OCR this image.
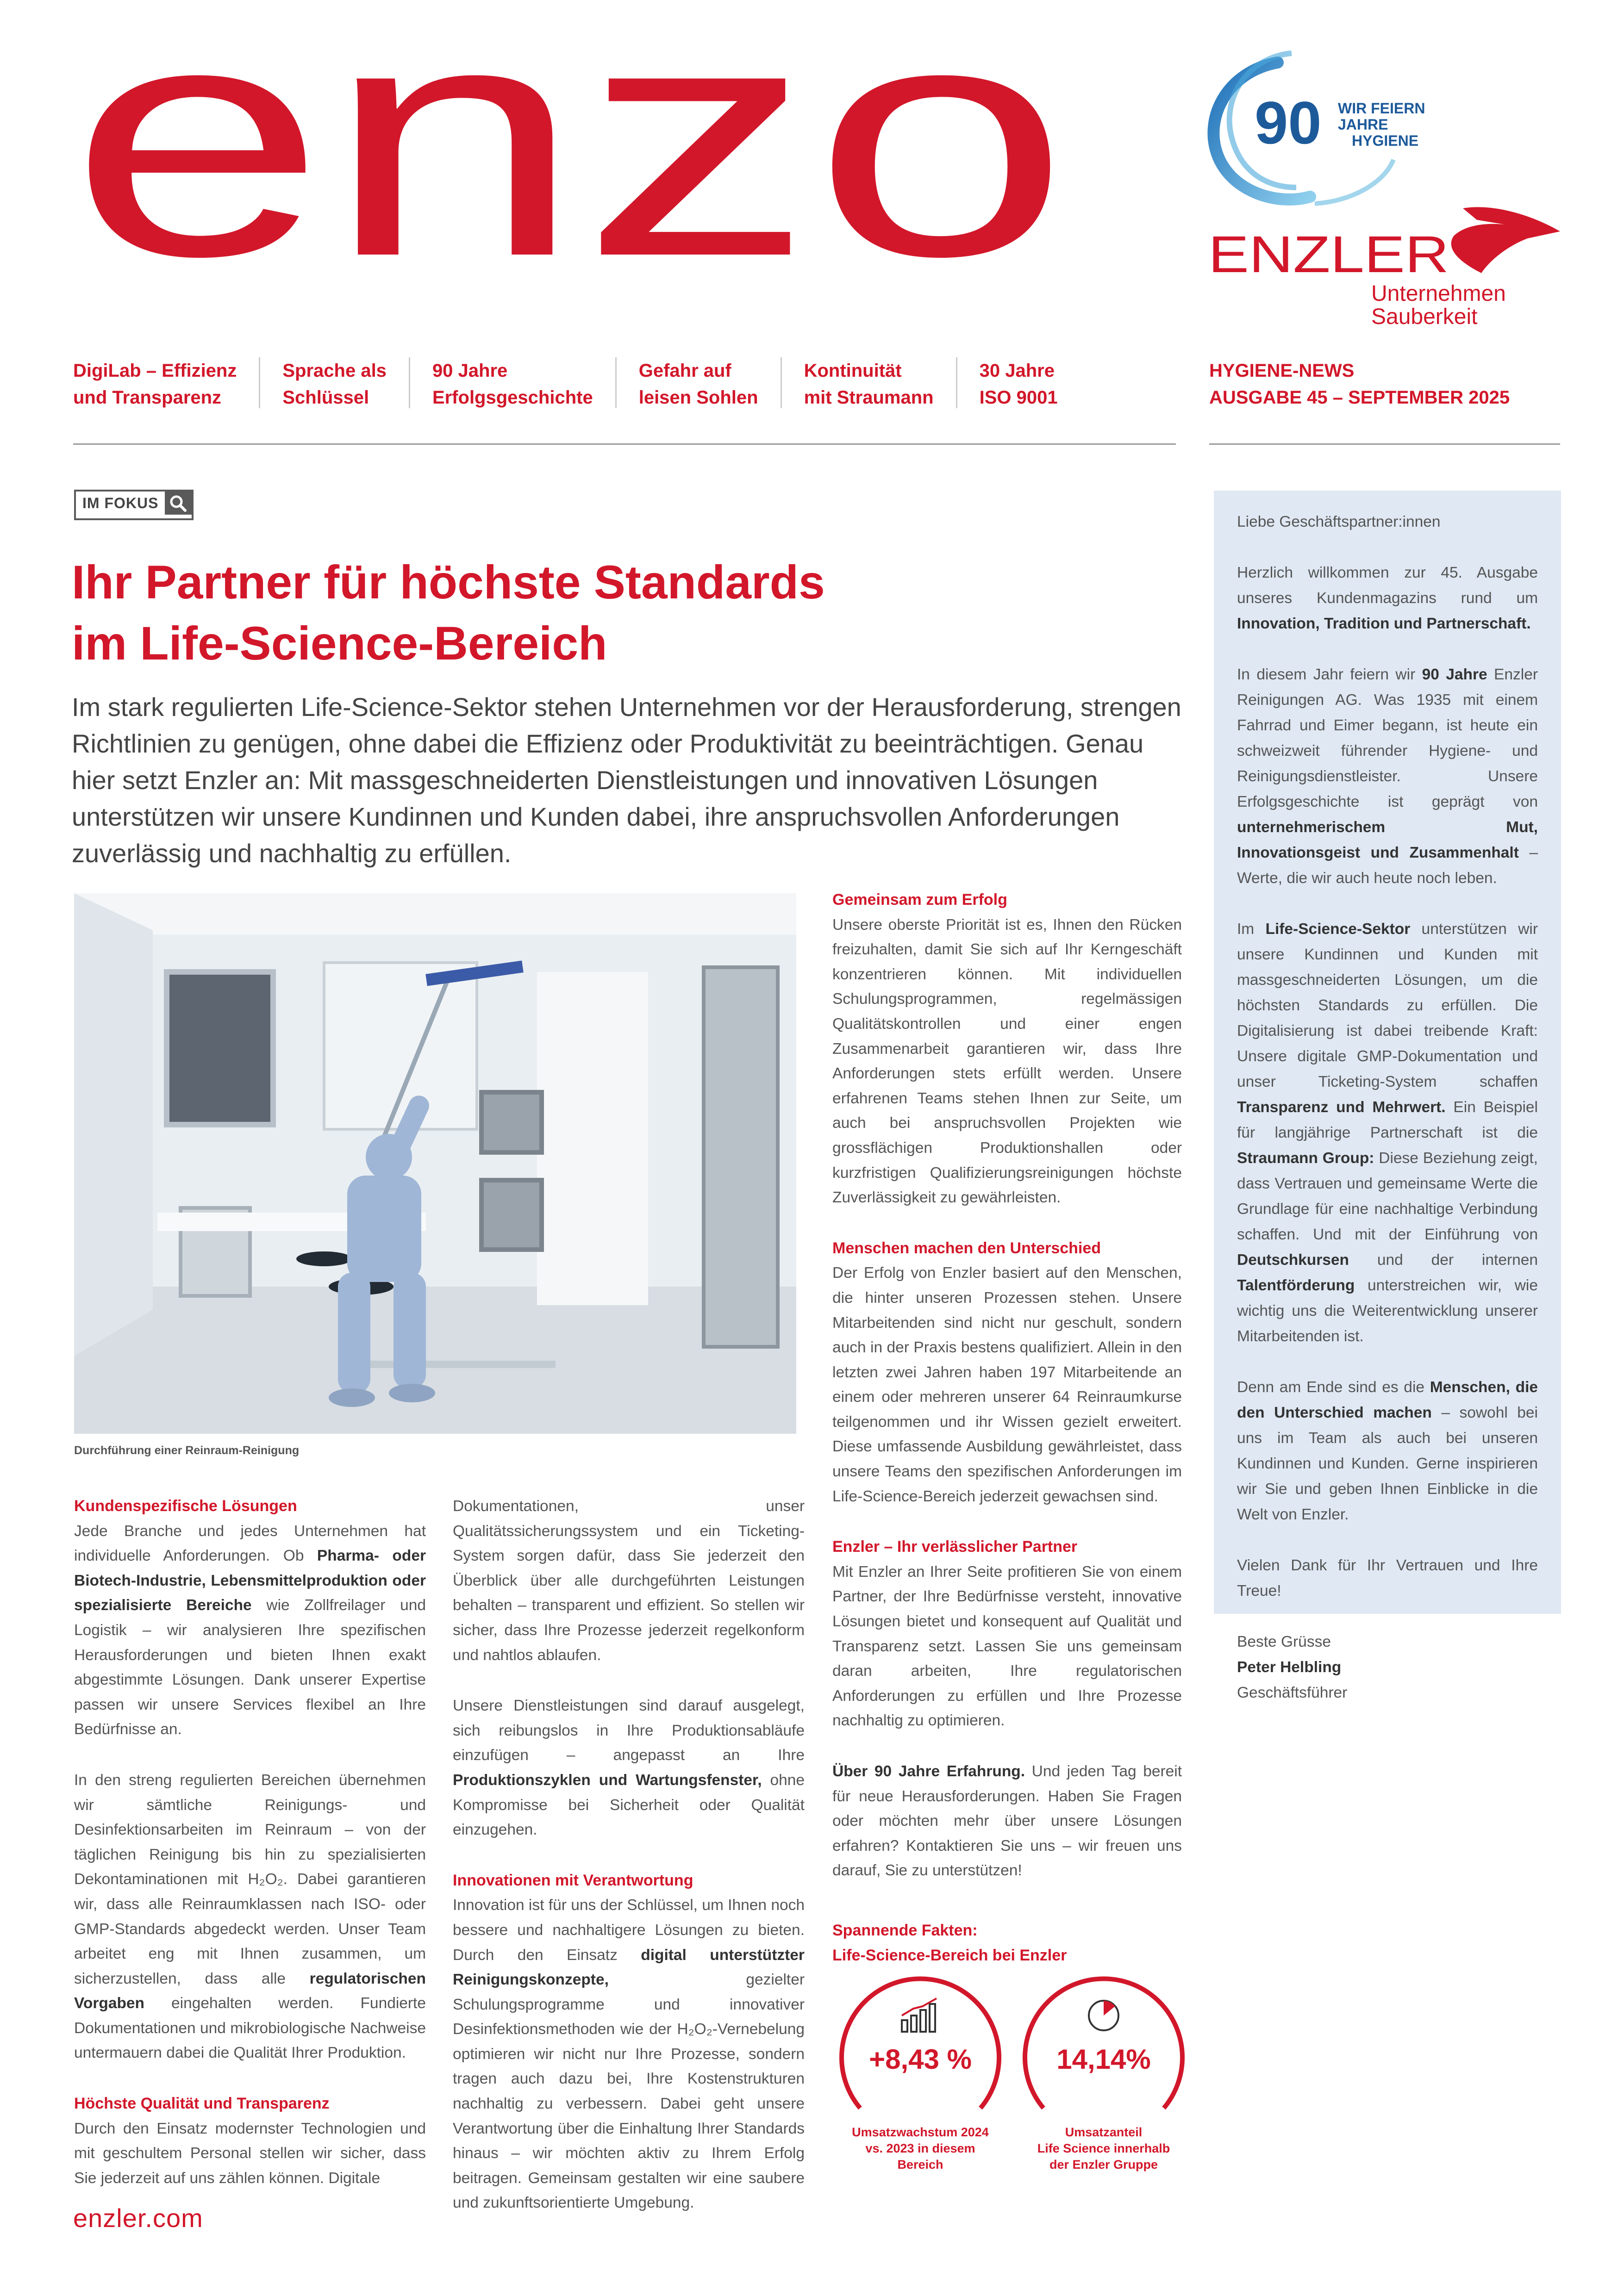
enzo	90 WIR FEIERN
JAHRE
HYGIENE
ENZLER
Unternehmen
Sauberkeit
DigiLab – Effizienz
und Transparenz
Sprache als
Schlüssel
90 Jahre
Erfolgsgeschichte
Gefahr auf
leisen Sohlen
Kontinuität
mit Straumann
30 Jahre
ISO 9001
HYGIENE-NEWS
AUSGABE 45 – SEPTEMBER 2025
IM FOKUS
Ihr Partner für höchste Standards
im Life-Science-Bereich
Im stark regulierten Life-Science-Sektor stehen Unternehmen vor der Herausforderung, strengen Richtlinien zu genügen, ohne dabei die Effizienz oder Produktivität zu beeinträchtigen. Genau hier setzt Enzler an: Mit massgeschneiderten Dienstleistungen und innovativen Lösungen unterstützen wir unsere Kundinnen und Kunden dabei, ihre anspruchsvollen Anforderungen zuverlässig und nachhaltig zu erfüllen.
Durchführung einer Reinraum-Reinigung
Kundenspezifische Lösungen

Jede Branche und jedes Unternehmen hat individuelle Anforderungen. Ob Pharma- oder Biotech-Industrie, Lebensmittelproduktion oder spezialisierte Bereiche wie Zollfreilager und Logistik – wir analysieren Ihre spezifischen Herausforderungen und bieten Ihnen exakt abgestimmte Lösungen. Dank unserer Expertise passen wir unsere Services flexibel an Ihre Bedürfnisse an.

In den streng regulierten Bereichen übernehmen wir sämtliche Reinigungs- und Desinfektionsarbeiten im Reinraum – von der täglichen Reinigung bis hin zu spezialisierten Dekontaminationen mit H₂O₂. Dabei garantieren wir, dass alle Reinraumklassen nach ISO- oder GMP-Standards abgedeckt werden. Unser Team arbeitet eng mit Ihnen zusammen, um sicherzustellen, dass alle regulatorischen Vorgaben eingehalten werden. Fundierte Dokumentationen und mikrobiologische Nachweise untermauern dabei die Qualität Ihrer Produktion.

Höchste Qualität und Transparenz

Durch den Einsatz modernster Technologien und mit geschultem Personal stellen wir sicher, dass Sie jederzeit auf uns zählen können. Digitale

Dokumentationen, unser Qualitätssicherungssystem und ein Ticketing-System sorgen dafür, dass Sie jederzeit den Überblick über alle durchgeführten Leistungen behalten – transparent und effizient. So stellen wir sicher, dass Ihre Prozesse jederzeit regelkonform und nahtlos ablaufen.

Unsere Dienstleistungen sind darauf ausgelegt, sich reibungslos in Ihre Produktionsabläufe einzufügen – angepasst an Ihre Produktionszyklen und Wartungsfenster, ohne Kompromisse bei Sicherheit oder Qualität einzugehen.

Innovationen mit Verantwortung

Innovation ist für uns der Schlüssel, um Ihnen noch bessere und nachhaltigere Lösungen zu bieten. Durch den Einsatz digital unterstützter Reinigungskonzepte, gezielter Schulungsprogramme und innovativer Desinfektionsmethoden wie der H₂O₂-Vernebelung optimieren wir nicht nur Ihre Prozesse, sondern tragen auch dazu bei, Ihre Kostenstrukturen nachhaltig zu verbessern. Dabei geht unsere Verantwortung über die Einhaltung Ihrer Standards hinaus – wir möchten aktiv zu Ihrem Erfolg beitragen. Gemeinsam gestalten wir eine saubere und zukunftsorientierte Umgebung.

Gemeinsam zum Erfolg

Unsere oberste Priorität ist es, Ihnen den Rücken freizuhalten, damit Sie sich auf Ihr Kerngeschäft konzentrieren können. Mit individuellen Schulungsprogrammen, regelmässigen Qualitätskontrollen und einer engen Zusammenarbeit garantieren wir, dass Ihre Anforderungen stets erfüllt werden. Unsere erfahrenen Teams stehen Ihnen zur Seite, um auch bei anspruchsvollen Projekten wie grossflächigen Produktionshallen oder kurzfristigen Qualifizierungsreinigungen höchste Zuverlässigkeit zu gewährleisten.

Menschen machen den Unterschied

Der Erfolg von Enzler basiert auf den Menschen, die hinter unseren Prozessen stehen. Unsere Mitarbeitenden sind nicht nur geschult, sondern auch in der Praxis bestens qualifiziert. Allein in den letzten zwei Jahren haben 197 Mitarbeitende an einem oder mehreren unserer 64 Reinraumkurse teilgenommen und ihr Wissen gezielt erweitert. Diese umfassende Ausbildung gewährleistet, dass unsere Teams den spezifischen Anforderungen im Life-Science-Bereich jederzeit gewachsen sind.

Enzler – Ihr verlässlicher Partner

Mit Enzler an Ihrer Seite profitieren Sie von einem Partner, der Ihre Bedürfnisse versteht, innovative Lösungen bietet und konsequent auf Qualität und Transparenz setzt. Lassen Sie uns gemeinsam daran arbeiten, Ihre regulatorischen Anforderungen zu erfüllen und Ihre Prozesse nachhaltig zu optimieren.

Über 90 Jahre Erfahrung. Und jeden Tag bereit für neue Herausforderungen. Haben Sie Fragen oder möchten mehr über unsere Lösungen erfahren? Kontaktieren Sie uns – wir freuen uns darauf, Sie zu unterstützen!

Spannende Fakten:
Life-Science-Bereich bei Enzler
+8,43 %
Umsatzwachstum 2024
vs. 2023 in diesem
Bereich
14,14%
Umsatzanteil
Life Science innerhalb
der Enzler Gruppe

Liebe Geschäftspartner:innen

Herzlich willkommen zur 45. Ausgabe unseres Kundenmagazins rund um Innovation, Tradition und Partnerschaft.

In diesem Jahr feiern wir 90 Jahre Enzler Reinigungen AG. Was 1935 mit einem Fahrrad und Eimer begann, ist heute ein schweizweit führender Hygiene- und Reinigungsdienstleister. Unsere Erfolgsgeschichte ist geprägt von unternehmerischem Mut, Innovationsgeist und Zusammenhalt – Werte, die wir auch heute noch leben.

Im Life-Science-Sektor unterstützen wir unsere Kundinnen und Kunden mit massgeschneiderten Lösungen, um die höchsten Standards zu erfüllen. Die Digitalisierung ist dabei treibende Kraft: Unsere digitale GMP-Dokumentation und unser Ticketing-System schaffen Transparenz und Mehrwert. Ein Beispiel für langjährige Partnerschaft ist die Straumann Group: Diese Beziehung zeigt, dass Vertrauen und gemeinsame Werte die Grundlage für eine nachhaltige Verbindung schaffen. Und mit der Einführung von Deutschkursen und der internen Talentförderung unterstreichen wir, wie wichtig uns die Weiterentwicklung unserer Mitarbeitenden ist.

Denn am Ende sind es die Menschen, die den Unterschied machen – sowohl bei uns im Team als auch bei unseren Kundinnen und Kunden. Gerne inspirieren wir Sie und geben Ihnen Einblicke in die Welt von Enzler.

Vielen Dank für Ihr Vertrauen und Ihre Treue!

Beste Grüsse
Peter Helbling
Geschäftsführer
enzler.com
